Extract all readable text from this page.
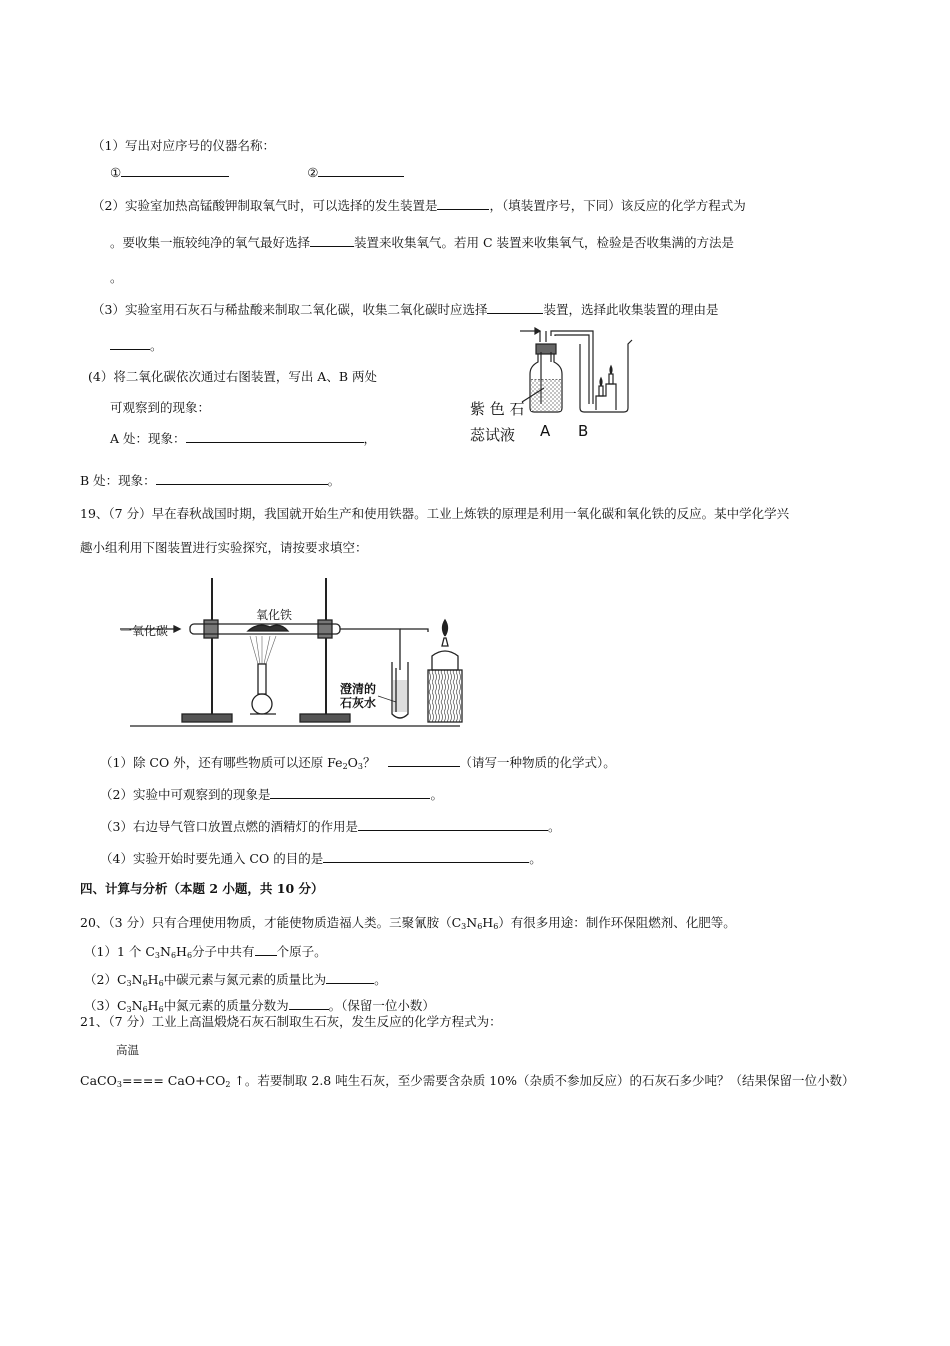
（1）写出对应序号的仪器名称：
①	②
（2）实验室加热高锰酸钾制取氧气时，可以选择的发生装置是	，（填装置序号，下同）该反应的化学方程式为
。要收集一瓶较纯净的氧气最好选择	装置来收集氧气。若用 C 装置来收集氧气，检验是否收集满的方法是
。
（3）实验室用石灰石与稀盐酸来制取二氧化碳，收集二氧化碳时应选择	装置，选择此收集装置的理由是
。
(4）将二氧化碳依次通过右图装置，写出 A、B 两处
可观察到的现象：
A 处：现象：	，
B 处：现象：	。
紫 色 石
蕊试液 A B
19、（7 分）早在春秋战国时期，我国就开始生产和使用铁器。工业上炼铁的原理是利用一氧化碳和氧化铁的反应。某中学化学兴
趣小组利用下图装置进行实验探究，请按要求填空：
一氧化碳
氧化铁
澄清的
石灰水
（1）除 CO 外，还有哪些物质可以还原 $Fe_2O_3$？	（请写一种物质的化学式）。
（2）实验中可观察到的现象是	。
（3）右边导气管口放置点燃的酒精灯的作用是	。
（4）实验开始时要先通入 CO 的目的是	。
四、计算与分析（本题 2 小题，共 10 分）
20、（3 分）只有合理使用物质，才能使物质造福人类。三聚氰胺$(C_3N_6H_6)$有很多用途：制作环保阻燃剂、化肥等。
（1）1 个 $C_3N_6H_6$分子中共有 个原子。
$(2)C_3N_6H_6$中碳元素与氮元素的质量比为	。
$(3)C_3N_6H_6$中氮元素的质量分数为	。（保留一位小数）
21、（7 分）工业上高温煅烧石灰石制取生石灰，发生反应的化学方程式为：
高温
CaCO$_3$==== $CaO+CO_2$ ↑。若要制取 2.8 吨生石灰，至少需要含杂质 10%（杂质不参加反应）的石灰石多少吨？（结果保留一位小数）
